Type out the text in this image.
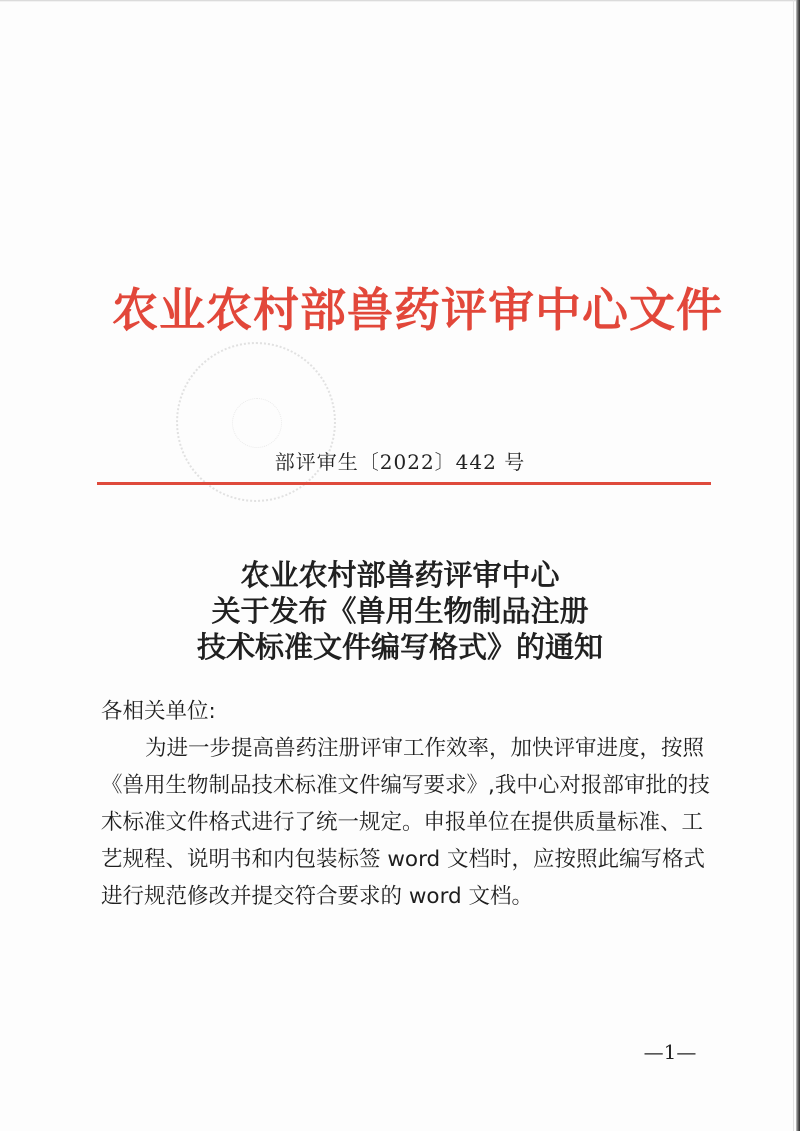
农业农村部兽药评审中心文件
部评审生〔2022〕442 号
农业农村部兽药评审中心
关于发布《兽用生物制品注册
技术标准文件编写格式》的通知
各相关单位:
为进一步提高兽药注册评审工作效率，加快评审进度，按照
《兽用生物制品技术标准文件编写要求》,我中心对报部审批的技
术标准文件格式进行了统一规定。申报单位在提供质量标准、工
艺规程、说明书和内包装标签 word 文档时，应按照此编写格式
进行规范修改并提交符合要求的 word 文档。
—1—
